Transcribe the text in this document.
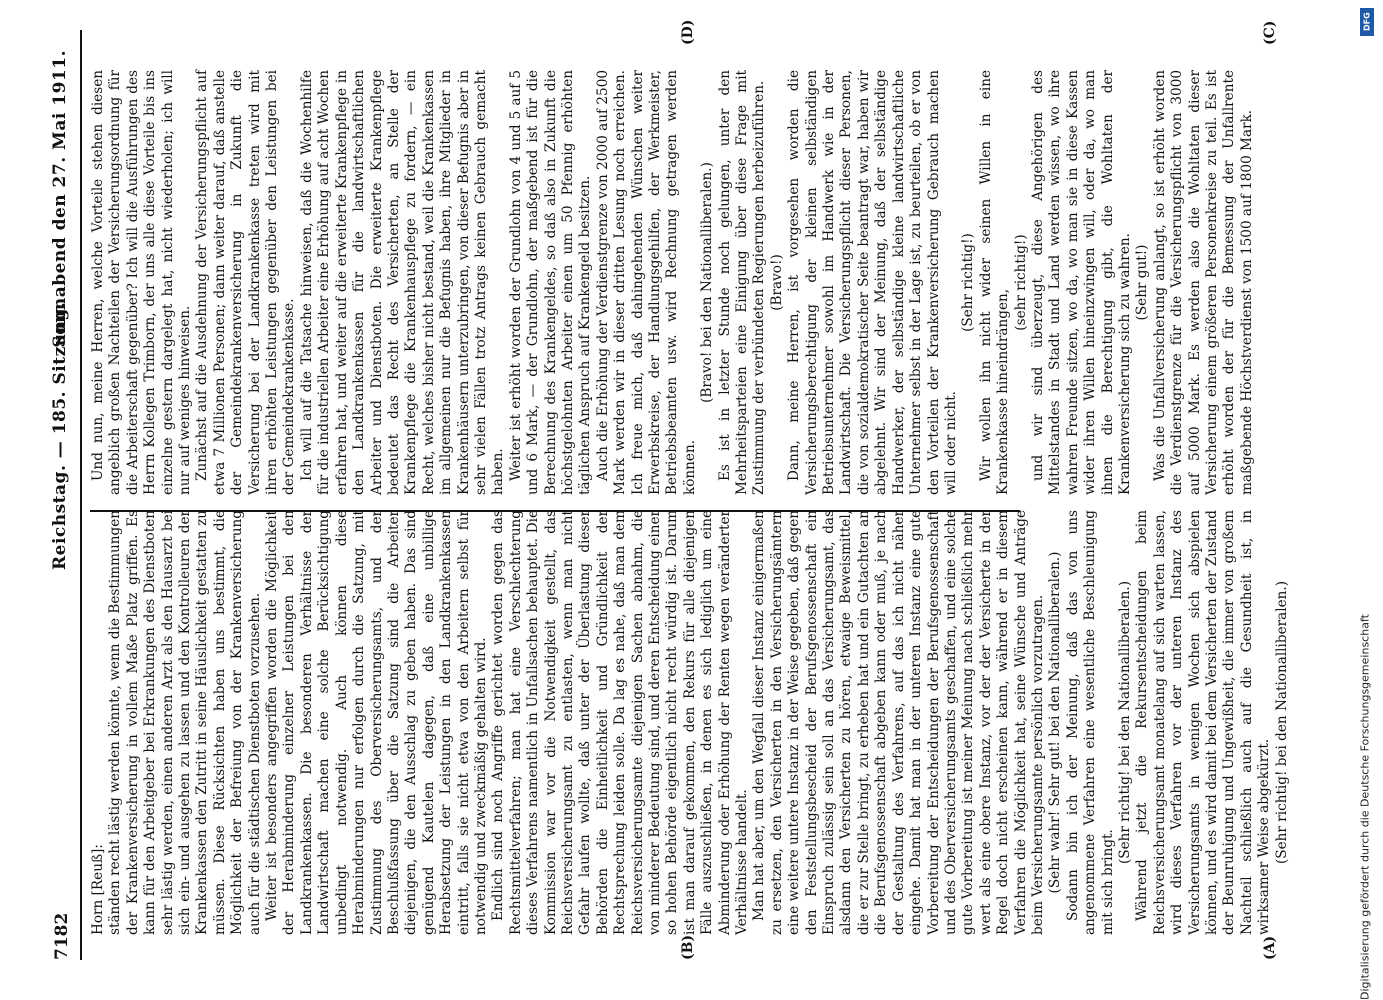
7182
Reichstag. — 185. Sitzung.
Sonnabend den 27. Mai 1911.
(A)
(B)
(C)
(D)

Horn [Reuß]: ständen recht lästig werden könnte, wenn die Bestimmungen der Krankenversicherung in vollem Maße Platz griffen. Es kann für den Arbeitgeber bei Erkrankungen des Dienstboten sehr lästig werden, einen anderen Arzt als den Hausarzt bei sich ein- und ausgehen zu lassen und den Kontrolleuren der Krankenkassen den Zutritt in seine Häuslichkeit gestatten zu müssen. Diese Rücksichten haben uns bestimmt, die Möglichkeit der Befreiung von der Krankenversicherung auch für die städtischen Dienstboten vorzusehen. Weiter ist besonders angegriffen worden die Möglichkeit der Herabminderung einzelner Leistungen bei den Landkrankenkassen. Die besonderen Verhältnisse der Landwirtschaft machen eine solche Berücksichtigung unbedingt notwendig. Auch können diese Herabminderungen nur erfolgen durch die Satzung, mit Zustimmung des Oberversicherungsamts, und der Beschlußfassung über die Satzung sind die Arbeiter diejenigen, die den Ausschlag zu geben haben. Das sind genügend Kautelen dagegen, daß eine unbillige Herabsetzung der Leistungen in den Landkrankenkassen eintritt, falls sie nicht etwa von den Arbeitern selbst für notwendig und zweckmäßig gehalten wird. Endlich sind noch Angriffe gerichtet worden gegen das Rechtsmittelverfahren; man hat eine Verschlechterung dieses Verfahrens namentlich in Unfallsachen behauptet. Die Kommission war vor die Notwendigkeit gestellt, das Reichsversicherungsamt zu entlasten, wenn man nicht Gefahr laufen wollte, daß unter der Überlastung dieser Behörden die Einheitlichkeit und Gründlichkeit der Rechtsprechung leiden solle. Da lag es nahe, daß man dem Reichsversicherungsamte diejenigen Sachen abnahm, die von minderer Bedeutung sind, und deren Entscheidung einer so hohen Behörde eigentlich nicht recht würdig ist. Darum ist man darauf gekommen, den Rekurs für alle diejenigen Fälle auszuschließen, in denen es sich lediglich um eine Abminderung oder Erhöhung der Renten wegen veränderter Verhältnisse handelt. Man hat aber, um den Wegfall dieser Instanz einigermaßen zu ersetzen, den Versicherten in den Versicherungsämtern eine weitere untere Instanz in der Weise gegeben, daß gegen den Feststellungsbescheid der Berufsgenossenschaft ein Einspruch zulässig sein soll an das Versicherungsamt, das alsdann den Versicherten zu hören, etwaige Beweismittel, die er zur Stelle bringt, zu erheben hat und ein Gutachten an die Berufsgenossenschaft abgeben kann oder muß, je nach der Gestaltung des Verfahrens, auf das ich nicht näher eingehe. Damit hat man in der unteren Instanz eine gute Vorbereitung der Entscheidungen der Berufsgenossenschaft und des Oberversicherungsamts geschaffen, und eine solche gute Vorbereitung ist meiner Meinung nach schließlich mehr wert als eine obere Instanz, vor der der Versicherte in der Regel doch nicht erscheinen kann, während er in diesem Verfahren die Möglichkeit hat, seine Wünsche und Anträge beim Versicherungsamte persönlich vorzutragen. (Sehr wahr! Sehr gut! bei den Nationalliberalen.) Sodann bin ich der Meinung, daß das von uns angenommene Verfahren eine wesentliche Beschleunigung mit sich bringt.

(Sehr richtig! bei den Nationalliberalen.) Während jetzt die Rekursentscheidungen beim Reichsversicherungsamt monatelang auf sich warten lassen, wird dieses Verfahren vor der unteren Instanz des Versicherungsamts in wenigen Wochen sich abspielen können, und es wird damit bei dem Versicherten der Zustand der Beunruhigung und Ungewißheit, die immer von großem Nachteil schließlich auch auf die Gesundheit ist, in wirksamer Weise abgekürzt. (Sehr richtig! bei den Nationalliberalen.)

Und nun, meine Herren, welche Vorteile stehen diesen angeblich großen Nachteilen der Versicherungsordnung für die Arbeiterschaft gegenüber? Ich will die Ausführungen des Herrn Kollegen Trimborn, der uns alle diese Vorteile bis ins einzelne gestern dargelegt hat, nicht wiederholen; ich will nur auf weniges hinweisen. Zunächst auf die Ausdehnung der Versicherungspflicht auf etwa 7 Millionen Personen; dann weiter darauf, daß anstelle der Gemeindekrankenversicherung in Zukunft die Versicherung bei der Landkrankenkasse treten wird mit ihren erhöhten Leistungen gegenüber den Leistungen bei der Gemeindekrankenkasse. Ich will auf die Tatsache hinweisen, daß die Wochenhilfe für die industriellen Arbeiter eine Erhöhung auf acht Wochen erfahren hat, und weiter auf die erweiterte Krankenpflege in den Landkrankenkassen für die landwirtschaftlichen Arbeiter und Dienstboten. Die erweiterte Krankenpflege bedeutet das Recht des Versicherten, an Stelle der Krankenpflege die Krankenhauspflege zu fordern, — ein Recht, welches bisher nicht bestand, weil die Krankenkassen im allgemeinen nur die Befugnis haben, ihre Mitglieder in Krankenhäusern unterzubringen, von dieser Befugnis aber in sehr vielen Fällen trotz Antrags keinen Gebrauch gemacht haben. Weiter ist erhöht worden der Grundlohn von 4 und 5 auf 5 und 6 Mark, — der Grundlohn, der maßgebend ist für die Berechnung des Krankengeldes, so daß also in Zukunft die höchstgelohnten Arbeiter einen um 50 Pfennig erhöhten täglichen Anspruch auf Krankengeld besitzen. Auch die Erhöhung der Verdienstgrenze von 2000 auf 2500 Mark werden wir in dieser dritten Lesung noch erreichen. Ich freue mich, daß dahingehenden Wünschen weiter Erwerbskreise, der Handlungsgehilfen, der Werkmeister, Betriebsbeamten usw. wird Rechnung getragen werden können.

(Bravo! bei den Nationalliberalen.) Es ist in letzter Stunde noch gelungen, unter den Mehrheitsparteien eine Einigung über diese Frage mit Zustimmung der verbündeten Regierungen herbeizuführen. (Bravo!) Dann, meine Herren, ist vorgesehen worden die Versicherungsberechtigung der kleinen selbständigen Betriebsunternehmer sowohl im Handwerk wie in der Landwirtschaft. Die Versicherungspflicht dieser Personen, die von sozialdemokratischer Seite beantragt war, haben wir abgelehnt. Wir sind der Meinung, daß der selbständige Handwerker, der selbständige kleine landwirtschaftliche Unternehmer selbst in der Lage ist, zu beurteilen, ob er von den Vorteilen der Krankenversicherung Gebrauch machen will oder nicht.

(Sehr richtig!) Wir wollen ihn nicht wider seinen Willen in eine Krankenkasse hineindrängen,

(sehr richtig!) und wir sind überzeugt, diese Angehörigen des Mittelstandes in Stadt und Land werden wissen, wo ihre wahren Freunde sitzen, wo da, wo man sie in diese Kassen wider ihren Willen hineinzwingen will, oder da, wo man ihnen die Berechtigung gibt, die Wohltaten der Krankenversicherung sich zu wahren. (Sehr gut!) Was die Unfallversicherung anlangt, so ist erhöht worden die Verdienstgrenze für die Versicherungspflicht von 3000 auf 5000 Mark. Es werden also die Wohltaten dieser Versicherung einem größeren Personenkreise zu teil. Es ist erhöht worden der für die Bemessung der Unfallrente maßgebende Höchstverdienst von 1500 auf 1800 Mark.

DFG
Digitalisierung gefördert durch die Deutsche Forschungsgemeinschaft
